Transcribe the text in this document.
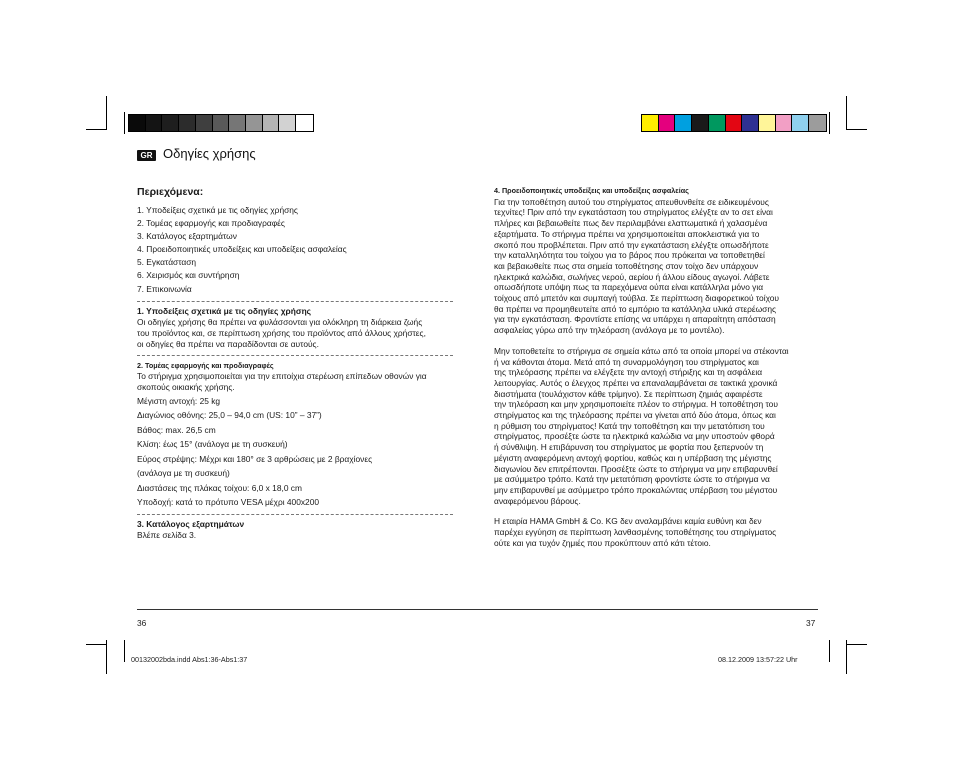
GR Οδηγίες χρήσης

Περιεχόμενα:

1. Υποδείξεις σχετικά με τις οδηγίες χρήσης

2. Τομέας εφαρμογής και προδιαγραφές

3. Κατάλογος εξαρτημάτων

4. Προειδοποιητικές υποδείξεις και υποδείξεις ασφαλείας

5. Εγκατάσταση

6. Χειρισμός και συντήρηση

7. Επικοινωνία

1. Υποδείξεις σχετικά με τις οδηγίες χρήσης

Οι οδηγίες χρήσης θα πρέπει να φυλάσσονται για ολόκληρη τη διάρκεια ζωής

του προϊόντος και, σε περίπτωση χρήσης του προϊόντος από άλλους χρήστες,

οι οδηγίες θα πρέπει να παραδίδονται σε αυτούς.

2. Τομέας εφαρμογής και προδιαγραφές

Το στήριγμα χρησιμοποιείται για την επιτοίχια στερέωση επίπεδων οθονών για

σκοπούς οικιακής χρήσης.

Μέγιστη αντοχή: 25 kg

Διαγώνιος οθόνης: 25,0 – 94,0 cm (US: 10” – 37”)

Βάθος: max. 26,5 cm

Κλίση: έως 15° (ανάλογα με τη συσκευή)

Εύρος στρέψης: Μέχρι και 180° σε 3 αρθρώσεις με 2 βραχίονες

(ανάλογα με τη συσκευή)

Διαστάσεις της πλάκας τοίχου: 6,0 x 18,0 cm

Υποδοχή: κατά το πρότυπο VESA μέχρι 400x200

3. Κατάλογος εξαρτημάτων

Βλέπε σελίδα 3.

4. Προειδοποιητικές υποδείξεις και υποδείξεις ασφαλείας

Για την τοποθέτηση αυτού του στηρίγματος απευθυνθείτε σε ειδικευμένους

τεχνίτες! Πριν από την εγκατάσταση του στηρίγματος ελέγξτε αν το σετ είναι

πλήρες και βεβαιωθείτε πως δεν περιλαμβάνει ελαττωματικά ή χαλασμένα

εξαρτήματα. Το στήριγμα πρέπει να χρησιμοποιείται αποκλειστικά για το

σκοπό που προβλέπεται. Πριν από την εγκατάσταση ελέγξτε οπωσδήποτε

την καταλληλότητα του τοίχου για το βάρος που πρόκειται να τοποθετηθεί

και βεβαιωθείτε πως στα σημεία τοποθέτησης στον τοίχο δεν υπάρχουν

ηλεκτρικά καλώδια, σωλήνες νερού, αερίου ή άλλου είδους αγωγοί. Λάβετε

οπωσδήποτε υπόψη πως τα παρεχόμενα ούπα είναι κατάλληλα μόνο για

τοίχους από μπετόν και συμπαγή τούβλα. Σε περίπτωση διαφορετικού τοίχου

θα πρέπει να προμηθευτείτε από το εμπόριο τα κατάλληλα υλικά στερέωσης

για την εγκατάσταση. Φροντίστε επίσης να υπάρχει η απαραίτητη απόσταση

ασφαλείας γύρω από την τηλεόραση (ανάλογα με το μοντέλο).

Μην τοποθετείτε το στήριγμα σε σημεία κάτω από τα οποία μπορεί να στέκονται

ή να κάθονται άτομα. Μετά από τη συναρμολόγηση του στηρίγματος και

της τηλεόρασης πρέπει να ελέγξετε την αντοχή στήριξης και τη ασφάλεια

λειτουργίας. Αυτός ο έλεγχος πρέπει να επαναλαμβάνεται σε τακτικά χρονικά

διαστήματα (τουλάχιστον κάθε τρίμηνο). Σε περίπτωση ζημιάς αφαιρέστε

την τηλεόραση και μην χρησιμοποιείτε πλέον το στήριγμα. Η τοποθέτηση του

στηρίγματος και της τηλεόρασης πρέπει να γίνεται από δύο άτομα, όπως και

η ρύθμιση του στηρίγματος! Κατά την τοποθέτηση και την μετατόπιση του

στηρίγματος, προσέξτε ώστε τα ηλεκτρικά καλώδια να μην υποστούν φθορά

ή σύνθλιψη. Η επιβάρυνση του στηρίγματος με φορτία που ξεπερνούν τη

μέγιστη αναφερόμενη αντοχή φορτίου, καθώς και η υπέρβαση της μέγιστης

διαγωνίου δεν επιτρέπονται. Προσέξτε ώστε το στήριγμα να μην επιβαρυνθεί

με ασύμμετρο τρόπο. Κατά την μετατόπιση φροντίστε ώστε το στήριγμα να

μην επιβαρυνθεί με ασύμμετρο τρόπο προκαλώντας υπέρβαση του μέγιστου

αναφερόμενου βάρους.

Η εταιρία HAMA GmbH & Co. KG δεν αναλαμβάνει καμία ευθύνη και δεν

παρέχει εγγύηση σε περίπτωση λανθασμένης τοποθέτησης του στηρίγματος

ούτε και για τυχόν ζημιές που προκύπτουν από κάτι τέτοιο.

36	37
00132002bda.indd Abs1:36-Abs1:37	08.12.2009 13:57:22 Uhr
